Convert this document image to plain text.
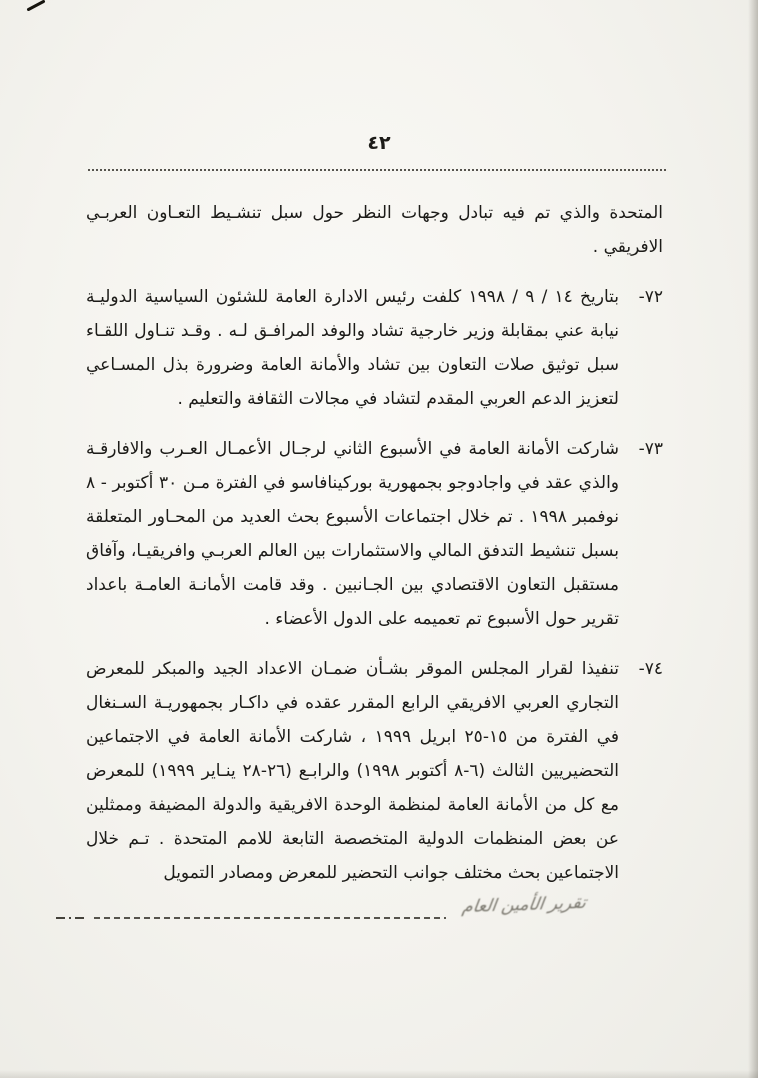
٤٢

المتحدة والذي تم فيه تبادل وجهات النظر حول سبل تنشـيط التعـاون العربـي الافريقي .

٧٢-

بتاريخ ١٤ / ٩ / ١٩٩٨ كلفت رئيس الادارة العامة للشئون السياسية الدوليـة نيابة عني بمقابلة وزير خارجية تشاد والوفد المرافـق لـه . وقـد تنـاول اللقـاء سبل توثيق صلات التعاون بين تشاد والأمانة العامة وضرورة بذل المسـاعي لتعزيز الدعم العربي المقدم لتشاد في مجالات الثقافة والتعليم .

٧٣-

شاركت الأمانة العامة في الأسبوع الثاني لرجـال الأعمـال العـرب والافارقـة والذي عقد في واجادوجو بجمهورية بوركينافاسو في الفترة مـن ٣٠ أكتوبر - ٨ نوفمبر ١٩٩٨ . تم خلال اجتماعات الأسبوع بحث العديد من المحـاور المتعلقة بسبل تنشيط التدفق المالي والاستثمارات بين العالم العربـي وافريقيـا، وآفاق مستقبل التعاون الاقتصادي بين الجـانبين . وقد قامت الأمانـة العامـة باعداد تقرير حول الأسبوع تم تعميمه على الدول الأعضاء .

٧٤-

تنفيذا لقرار المجلس الموقر بشـأن ضمـان الاعداد الجيد والمبكر للمعرض التجاري العربي الافريقي الرابع المقرر عقده في داكـار بجمهوريـة السـنغال في الفترة من ١٥-٢٥ ابريل ١٩٩٩ ، شاركت الأمانة العامة في الاجتماعين التحضيريين الثالث (٦-٨ أكتوبر ١٩٩٨) والرابـع (٢٦-٢٨ ينـاير ١٩٩٩) للمعرض مع كل من الأمانة العامة لمنظمة الوحدة الافريقية والدولة المضيفة وممثلين عن بعض المنظمات الدولية المتخصصة التابعة للامم المتحدة . تـم خلال الاجتماعين بحث مختلف جوانب التحضير للمعرض ومصادر التمويل

تقرير الأمين العام
